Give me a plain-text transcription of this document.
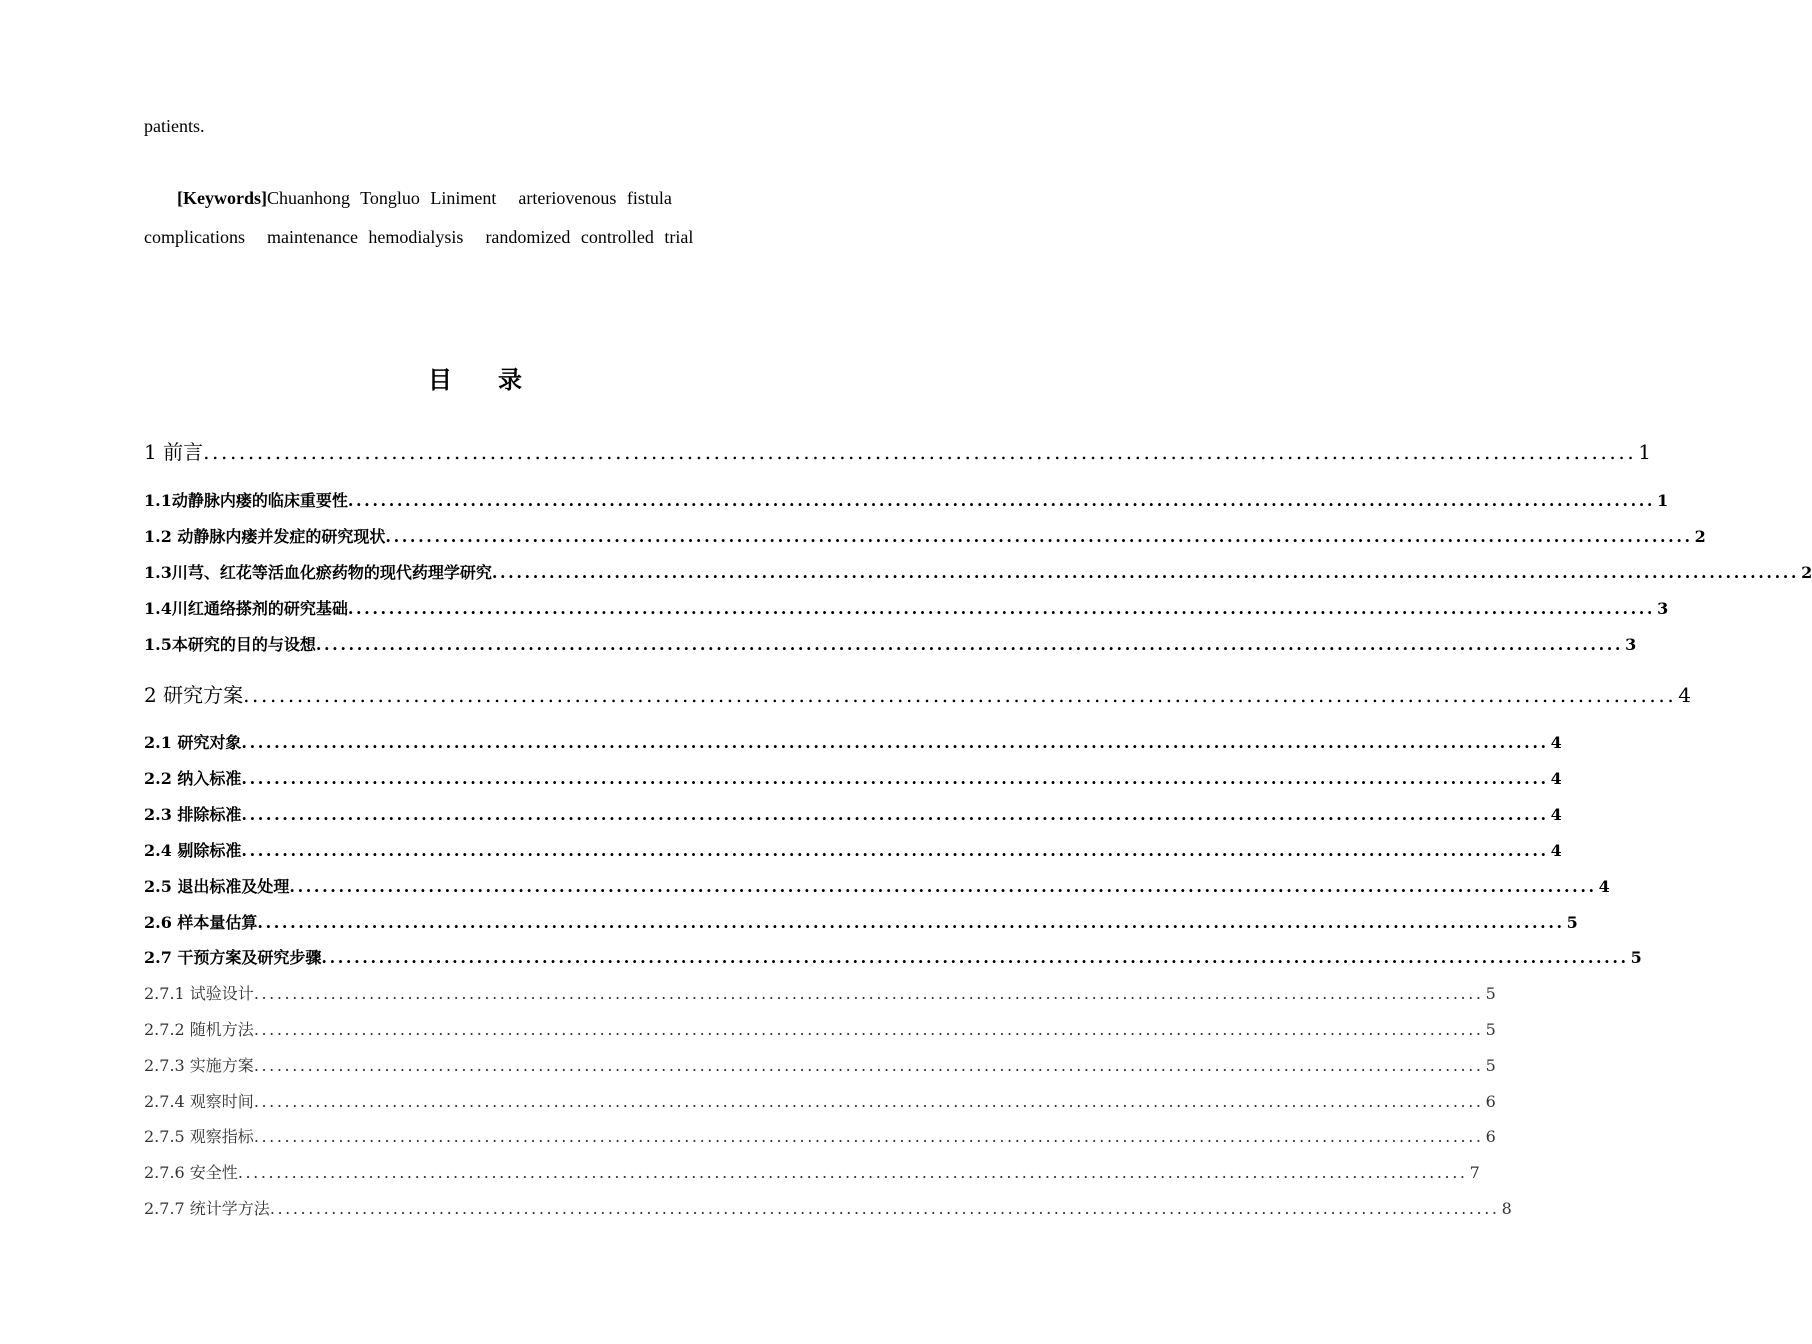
patients.
[Keywords]Chuanhong Tongluo Liniment arteriovenous fistula
complications maintenance hemodialysis randomized controlled trial
目 录
1 前言 ................................................................................................................................................................ 1
1.1动静脉内瘘的临床重要性 ................................................................................................................................................................ 1
1.2 动静脉内瘘并发症的研究现状 ................................................................................................................................................................ 2
1.3川芎、红花等活血化瘀药物的现代药理学研究 ................................................................................................................................................................ 2
1.4川红通络搽剂的研究基础 ................................................................................................................................................................ 3
1.5本研究的目的与设想 ................................................................................................................................................................ 3
2 研究方案 ................................................................................................................................................................ 4
2.1 研究对象 ................................................................................................................................................................ 4
2.2 纳入标准 ................................................................................................................................................................ 4
2.3 排除标准 ................................................................................................................................................................ 4
2.4 剔除标准 ................................................................................................................................................................ 4
2.5 退出标准及处理 ................................................................................................................................................................ 4
2.6 样本量估算 ................................................................................................................................................................ 5
2.7 干预方案及研究步骤 ................................................................................................................................................................ 5
2.7.1 试验设计 ................................................................................................................................................................ 5
2.7.2 随机方法 ................................................................................................................................................................ 5
2.7.3 实施方案 ................................................................................................................................................................ 5
2.7.4 观察时间 ................................................................................................................................................................ 6
2.7.5 观察指标 ................................................................................................................................................................ 6
2.7.6 安全性 ................................................................................................................................................................ 7
2.7.7 统计学方法 ................................................................................................................................................................ 8
